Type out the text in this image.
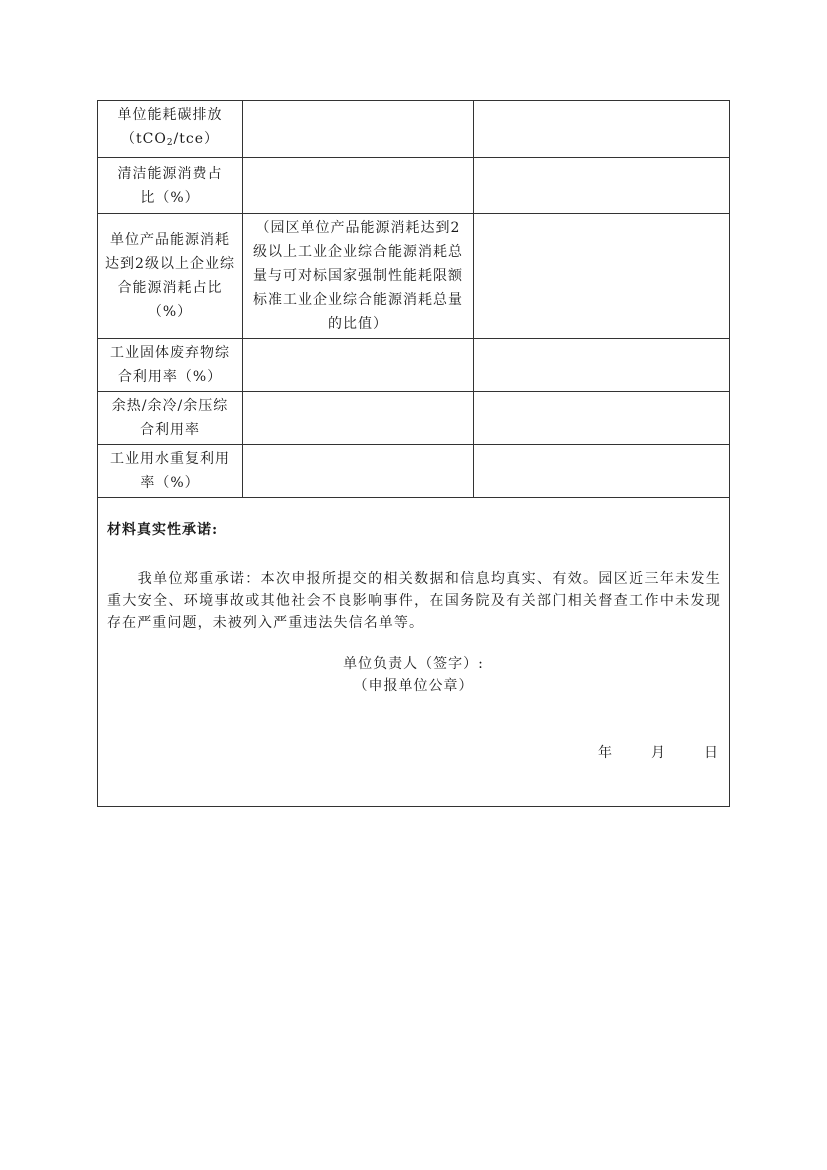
单位能耗碳排放
（tCO$_2$/tce）		
清洁能源消费占比（%）		
单位产品能源消耗达到2级以上企业综合能源消耗占比（%）	（园区单位产品能源消耗达到2级以上工业企业综合能源消耗总量与可对标国家强制性能耗限额标准工业企业综合能源消耗总量的比值）	
工业固体废弃物综合利用率（%）		
余热/余冷/余压综合利用率		
工业用水重复利用率（%）		

材料真实性承诺:
我单位郑重承诺：本次申报所提交的相关数据和信息均真实、有效。园区近三年未发生重大安全、环境事故或其他社会不良影响事件，在国务院及有关部门相关督查工作中未发现存在严重问题，未被列入严重违法失信名单等。
单位负责人（签字）:
（申报单位公章）
年 月 日		
